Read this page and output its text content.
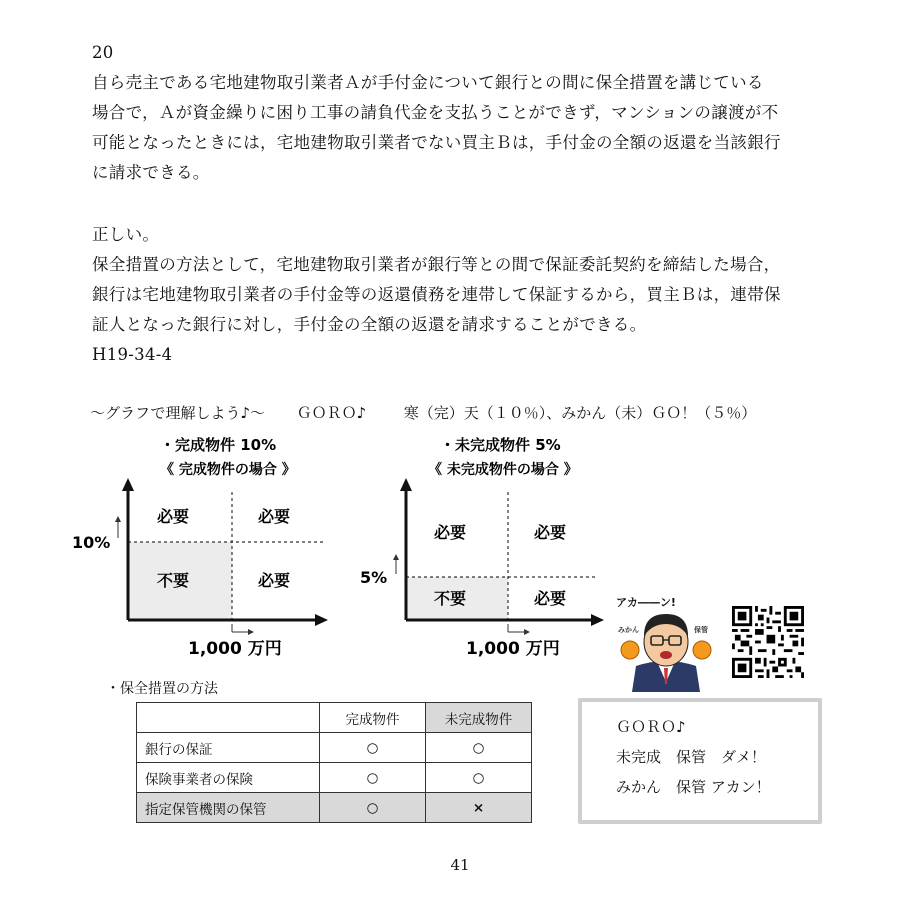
20
自ら売主である宅地建物取引業者Ａが手付金について銀行との間に保全措置を講じている
場合で，Ａが資金繰りに困り工事の請負代金を支払うことができず，マンションの譲渡が不
可能となったときには，宅地建物取引業者でない買主Ｂは，手付金の全額の返還を当該銀行
に請求できる。
正しい。
保全措置の方法として，宅地建物取引業者が銀行等との間で保証委託契約を締結した場合，
銀行は宅地建物取引業者の手付金等の返還債務を連帯して保証するから，買主Ｂは，連帯保
証人となった銀行に対し，手付金の全額の返還を請求することができる。
H19-34-4
～グラフで理解しよう♪～ ＧＯＲＯ♪	寒（完）天（１０％）、みかん（未）ＧＯ！（５％）
・完成物件 10%
《 完成物件の場合 》
10%
1,000 万円
必要	必要
不要	必要
・未完成物件 5%
《 未完成物件の場合 》
5%
1,000 万円
必要	必要
不要	必要	アカ――ン!
みかん	保管
・保全措置の方法
	完成物件	未完成物件
銀行の保証	○	○
保険事業者の保険	○	○
指定保管機関の保管	○	×
ＧＯＲＯ♪
未完成　保管　ダメ！
みかん　保管 アカン！
41
